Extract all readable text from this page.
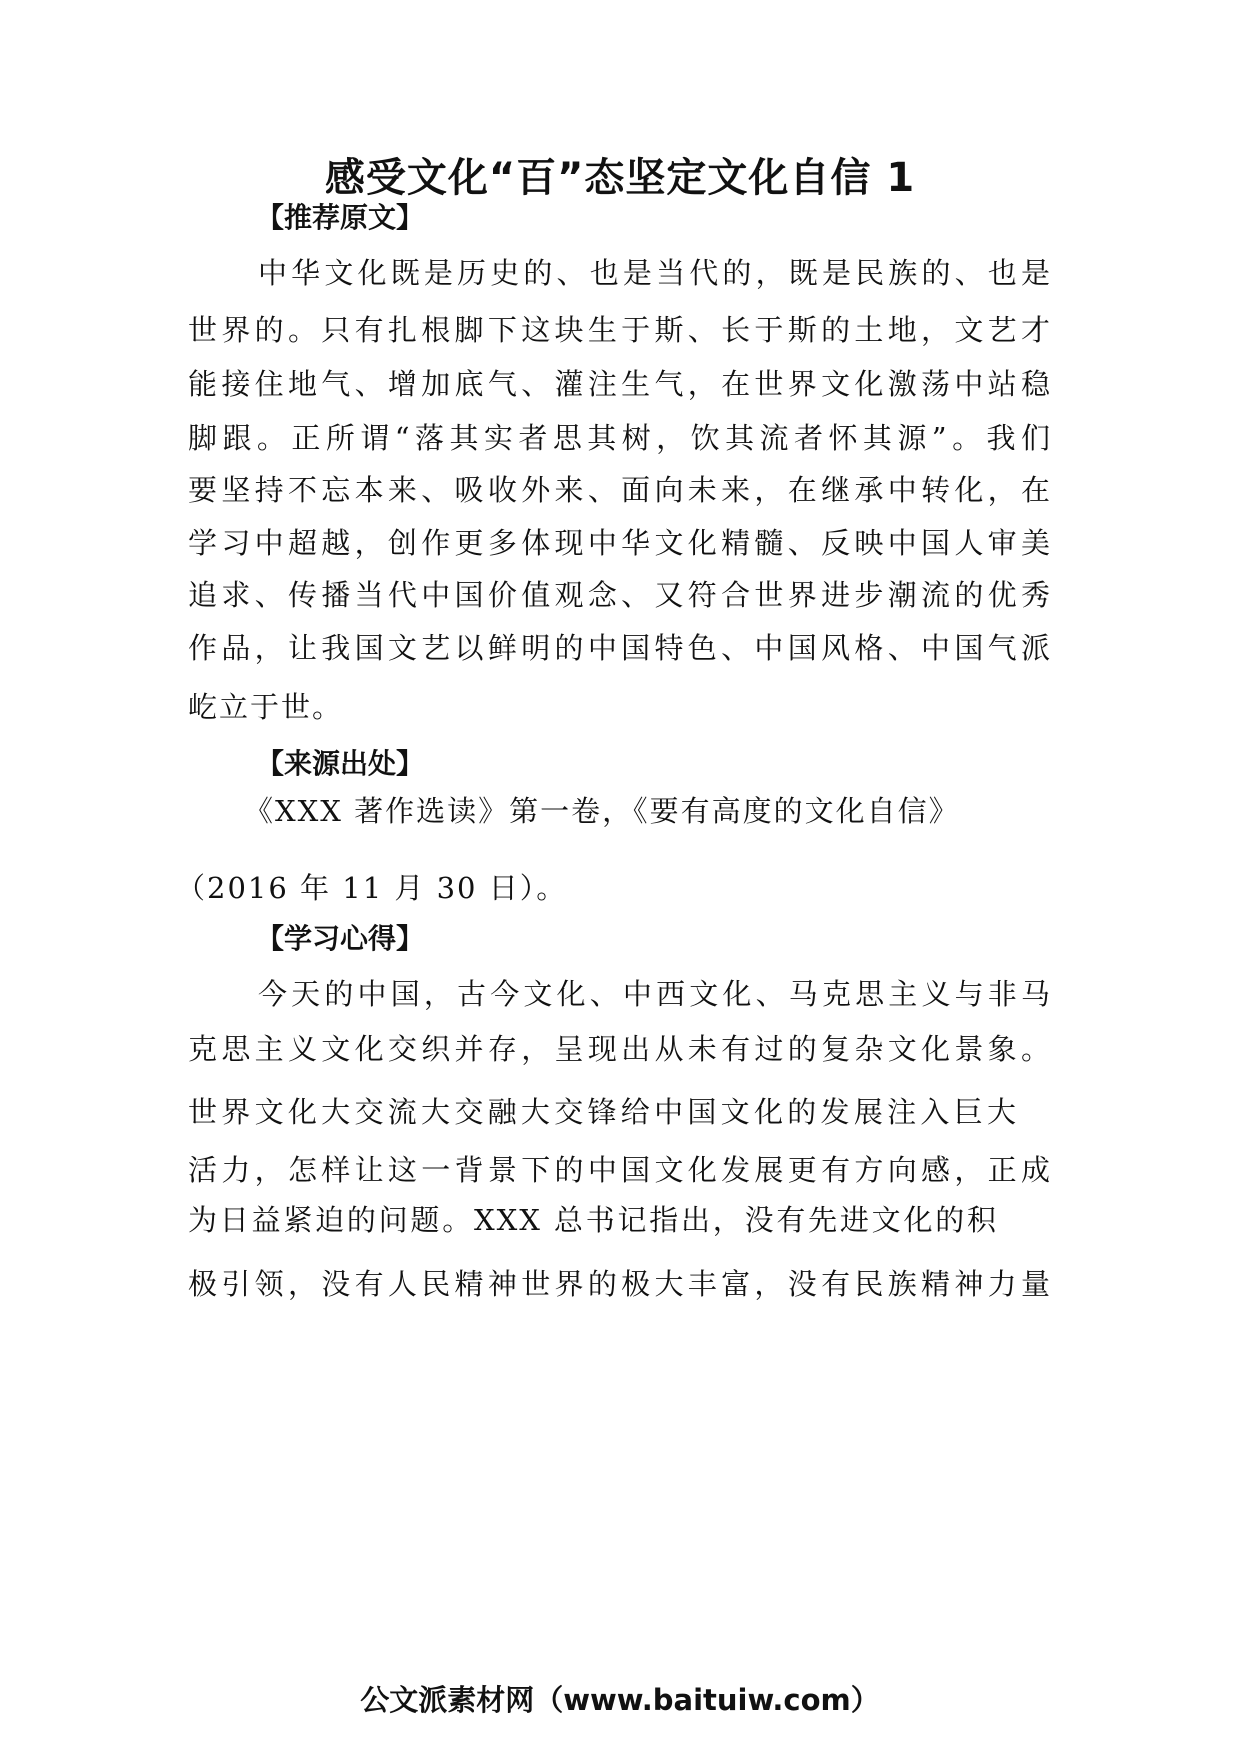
感受文化“百”态坚定文化自信 1
【推荐原文】

中华文化既是历史的、也是当代的，既是民族的、也是

世界的。只有扎根脚下这块生于斯、长于斯的土地，文艺才

能接住地气、增加底气、灌注生气，在世界文化激荡中站稳

脚跟。正所谓“落其实者思其树，饮其流者怀其源”。我们

要坚持不忘本来、吸收外来、面向未来，在继承中转化，在

学习中超越，创作更多体现中华文化精髓、反映中国人审美

追求、传播当代中国价值观念、又符合世界进步潮流的优秀

作品，让我国文艺以鲜明的中国特色、中国风格、中国气派

屹立于世。

【来源出处】

《XXX 著作选读》第一卷，《要有高度的文化自信》

（2016 年 11 月 30 日）。

【学习心得】

今天的中国，古今文化、中西文化、马克思主义与非马

克思主义文化交织并存，呈现出从未有过的复杂文化景象。

世界文化大交流大交融大交锋给中国文化的发展注入巨大

活力，怎样让这一背景下的中国文化发展更有方向感，正成

为日益紧迫的问题。XXX 总书记指出，没有先进文化的积

极引领，没有人民精神世界的极大丰富，没有民族精神力量

公文派素材网（www.baituiw.com）
